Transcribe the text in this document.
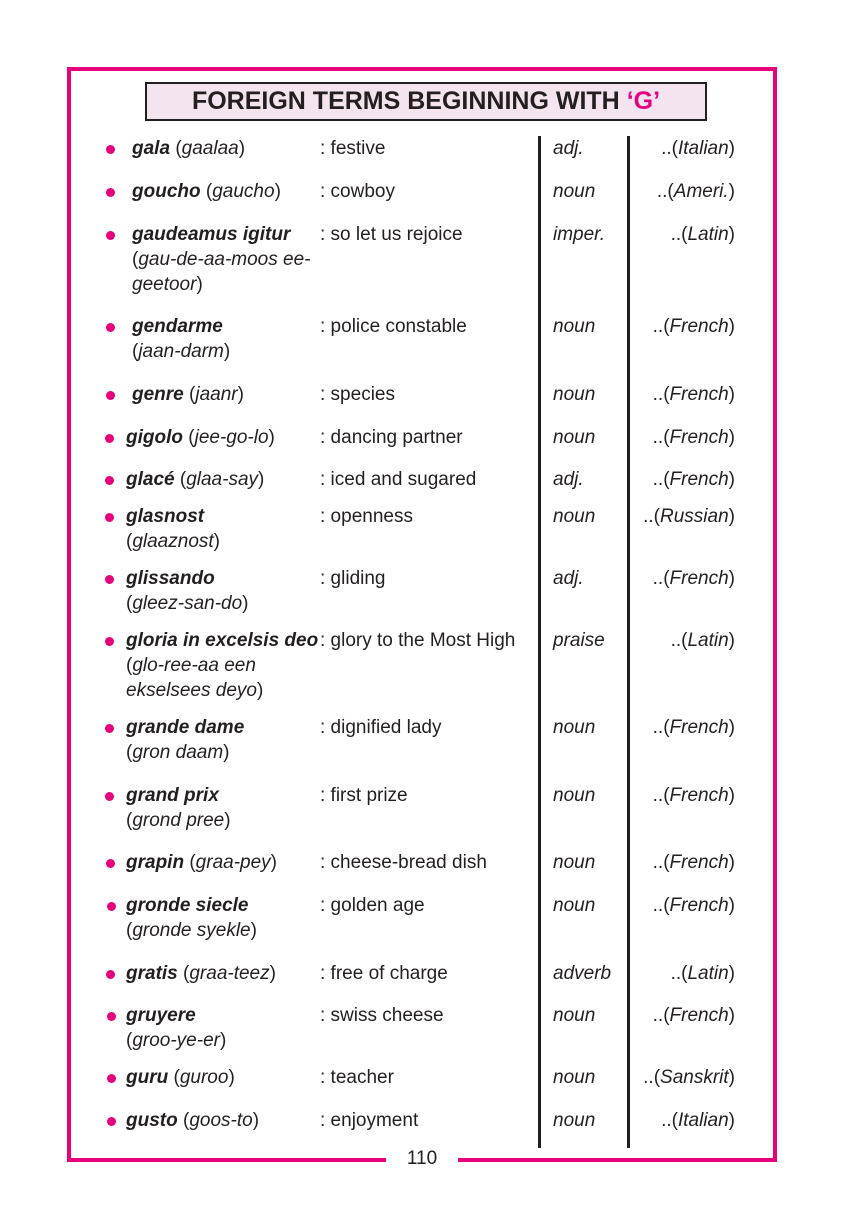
110
FOREIGN TERMS BEGINNING WITH ‘G’
gala (gaalaa)	: festive	adj.	..(Italian)
goucho (gaucho)	: cowboy	noun	..(Ameri.)
gaudeamus igitur
(gau-de-aa-moos ee-geetoor)
: so let us rejoice	imper.	..(Latin)
gendarme
(jaan-darm)
: police constable	noun	..(French)
genre (jaanr)	: species	noun	..(French)
gigolo (jee-go-lo)	: dancing partner	noun	..(French)
glacé (glaa-say)	: iced and sugared	adj.	..(French)
glasnost
(glaaznost)
: openness	noun	..(Russian)
glissando
(gleez-san-do)
: gliding	adj.	..(French)
gloria in excelsis deo (glo-ree-aa een ekselsees deyo)
: glory to the Most High	praise	..(Latin)
grande dame
(gron daam)
: dignified lady	noun	..(French)
grand prix
(grond pree)
: first prize	noun	..(French)
grapin (graa-pey)	: cheese-bread dish	noun	..(French)
gronde siecle
(gronde syekle)
: golden age	noun	..(French)
gratis (graa-teez)	: free of charge	adverb	..(Latin)
gruyere
(groo-ye-er)
: swiss cheese	noun	..(French)
guru (guroo)	: teacher	noun	..(Sanskrit)
gusto (goos-to)	: enjoyment	noun	..(Italian)
